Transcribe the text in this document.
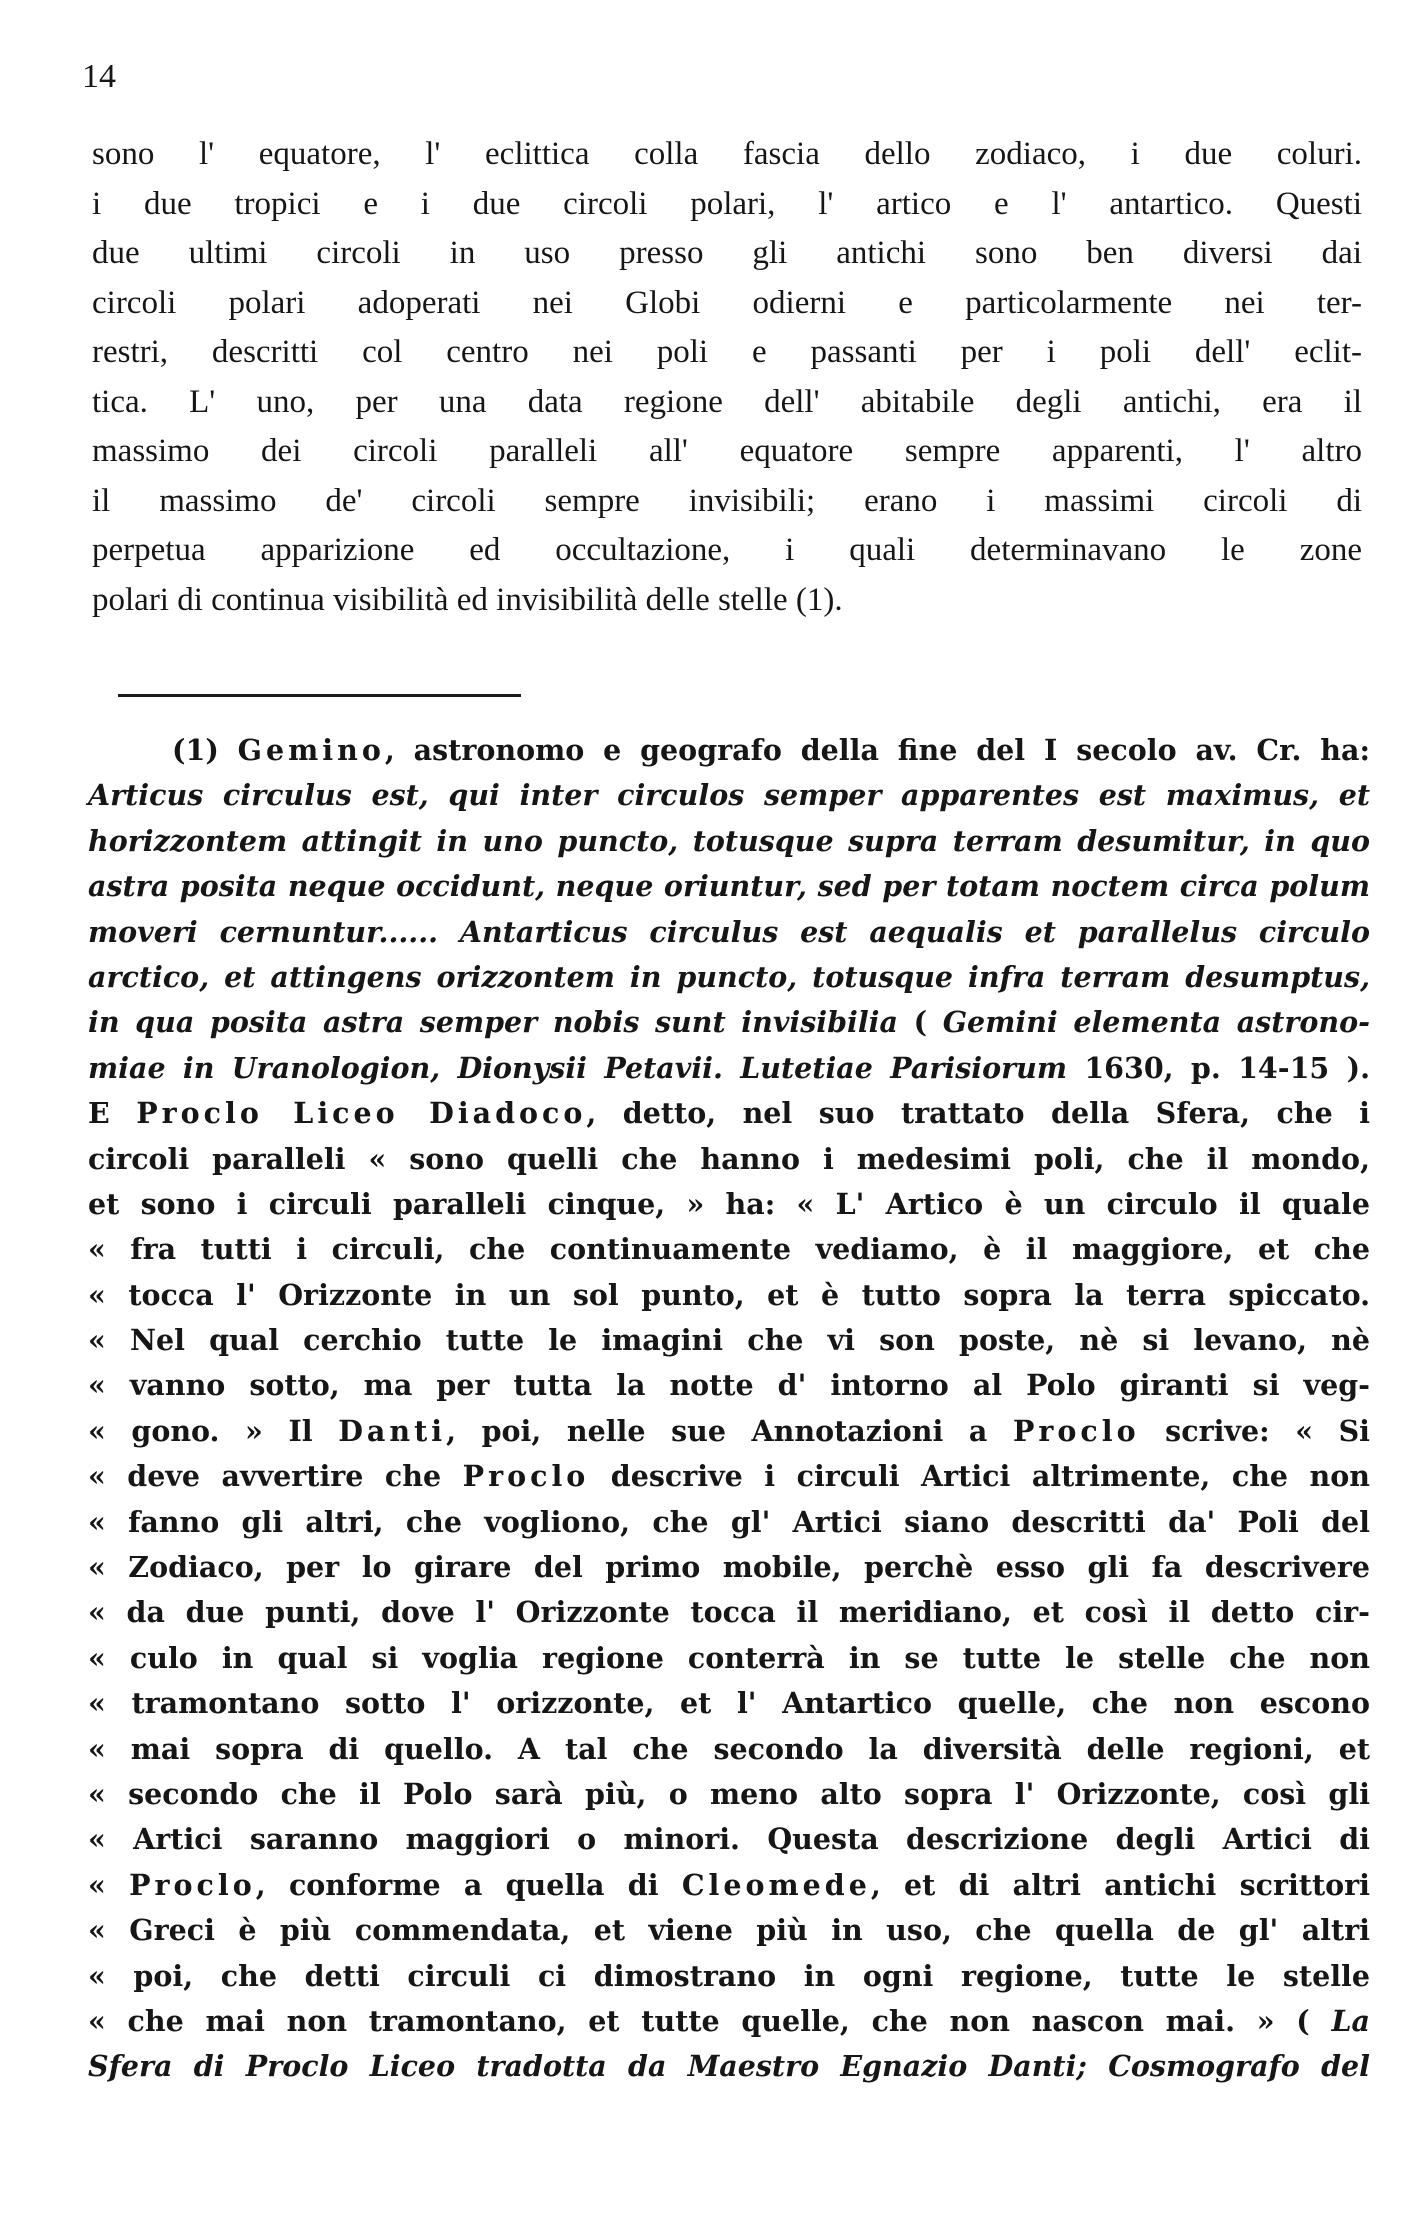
14
sono l' equatore, l' eclittica colla fascia dello zodiaco, i due coluri.
i due tropici e i due circoli polari, l' artico e l' antartico. Questi
due ultimi circoli in uso presso gli antichi sono ben diversi dai
circoli polari adoperati nei Globi odierni e particolarmente nei ter-
restri, descritti col centro nei poli e passanti per i poli dell' eclit-
tica. L' uno, per una data regione dell' abitabile degli antichi, era il
massimo dei circoli paralleli all' equatore sempre apparenti, l' altro
il massimo de' circoli sempre invisibili; erano i massimi circoli di
perpetua apparizione ed occultazione, i quali determinavano le zone
polari di continua visibilità ed invisibilità delle stelle (1).
(1) Gemino, astronomo e geografo della fine del I secolo av. Cr. ha:
Articus circulus est, qui inter circulos semper apparentes est maximus, et
horizzontem attingit in uno puncto, totusque supra terram desumitur, in quo
astra posita neque occidunt, neque oriuntur, sed per totam noctem circa polum
moveri cernuntur...... Antarticus circulus est aequalis et parallelus circulo
arctico, et attingens orizzontem in puncto, totusque infra terram desumptus,
in qua posita astra semper nobis sunt invisibilia ( Gemini elementa astrono-
miae in Uranologion, Dionysii Petavii. Lutetiae Parisiorum 1630, p. 14-15 ).
E Proclo Liceo Diadoco, detto, nel suo trattato della Sfera, che i
circoli paralleli « sono quelli che hanno i medesimi poli, che il mondo,
et sono i circuli paralleli cinque, » ha: « L' Artico è un circulo il quale
« fra tutti i circuli, che continuamente vediamo, è il maggiore, et che
« tocca l' Orizzonte in un sol punto, et è tutto sopra la terra spiccato.
« Nel qual cerchio tutte le imagini che vi son poste, nè si levano, nè
« vanno sotto, ma per tutta la notte d' intorno al Polo giranti si veg-
« gono. » Il Danti, poi, nelle sue Annotazioni a Proclo scrive: « Si
« deve avvertire che Proclo descrive i circuli Artici altrimente, che non
« fanno gli altri, che vogliono, che gl' Artici siano descritti da' Poli del
« Zodiaco, per lo girare del primo mobile, perchè esso gli fa descrivere
« da due punti, dove l' Orizzonte tocca il meridiano, et così il detto cir-
« culo in qual si voglia regione conterrà in se tutte le stelle che non
« tramontano sotto l' orizzonte, et l' Antartico quelle, che non escono
« mai sopra di quello. A tal che secondo la diversità delle regioni, et
« secondo che il Polo sarà più, o meno alto sopra l' Orizzonte, così gli
« Artici saranno maggiori o minori. Questa descrizione degli Artici di
« Proclo, conforme a quella di Cleomede, et di altri antichi scrittori
« Greci è più commendata, et viene più in uso, che quella de gl' altri
« poi, che detti circuli ci dimostrano in ogni regione, tutte le stelle
« che mai non tramontano, et tutte quelle, che non nascon mai. » ( La
Sfera di Proclo Liceo tradotta da Maestro Egnazio Danti; Cosmografo del
